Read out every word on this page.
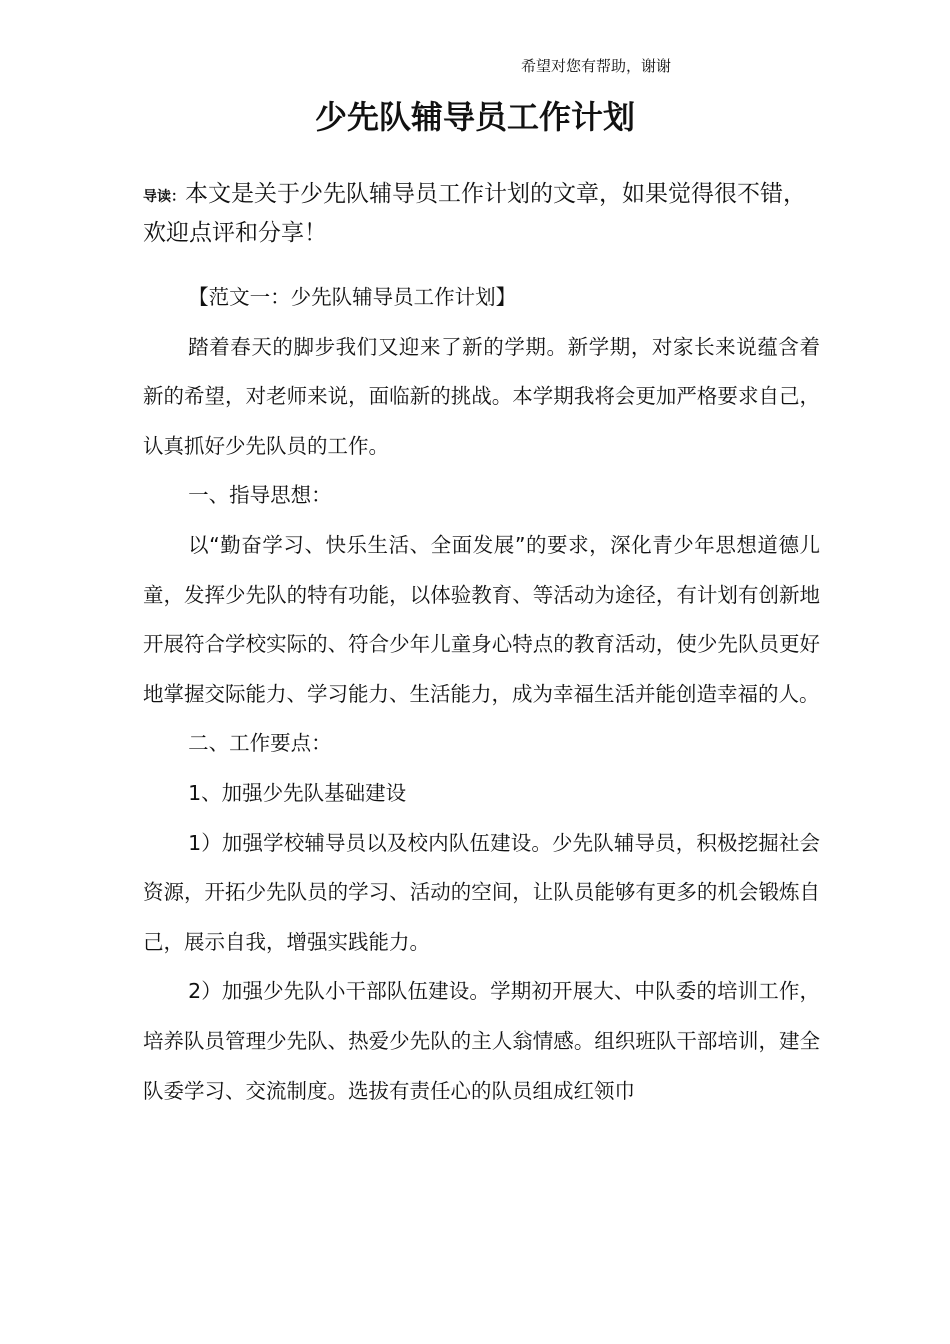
希望对您有帮助，谢谢
少先队辅导员工作计划
导读：本文是关于少先队辅导员工作计划的文章，如果觉得很不错，欢迎点评和分享！

【范文一：少先队辅导员工作计划】

踏着春天的脚步我们又迎来了新的学期。新学期，对家长来说蕴含着新的希望，对老师来说，面临新的挑战。本学期我将会更加严格要求自己，认真抓好少先队员的工作。

一、指导思想：

以“勤奋学习、快乐生活、全面发展”的要求，深化青少年思想道德儿童，发挥少先队的特有功能，以体验教育、等活动为途径，有计划有创新地开展符合学校实际的、符合少年儿童身心特点的教育活动，使少先队员更好地掌握交际能力、学习能力、生活能力，成为幸福生活并能创造幸福的人。

二、工作要点：

1、加强少先队基础建设

1）加强学校辅导员以及校内队伍建设。少先队辅导员，积极挖掘社会资源，开拓少先队员的学习、活动的空间，让队员能够有更多的机会锻炼自己，展示自我，增强实践能力。

2）加强少先队小干部队伍建设。学期初开展大、中队委的培训工作，培养队员管理少先队、热爱少先队的主人翁情感。组织班队干部培训，建全队委学习、交流制度。选拔有责任心的队员组成红领巾
